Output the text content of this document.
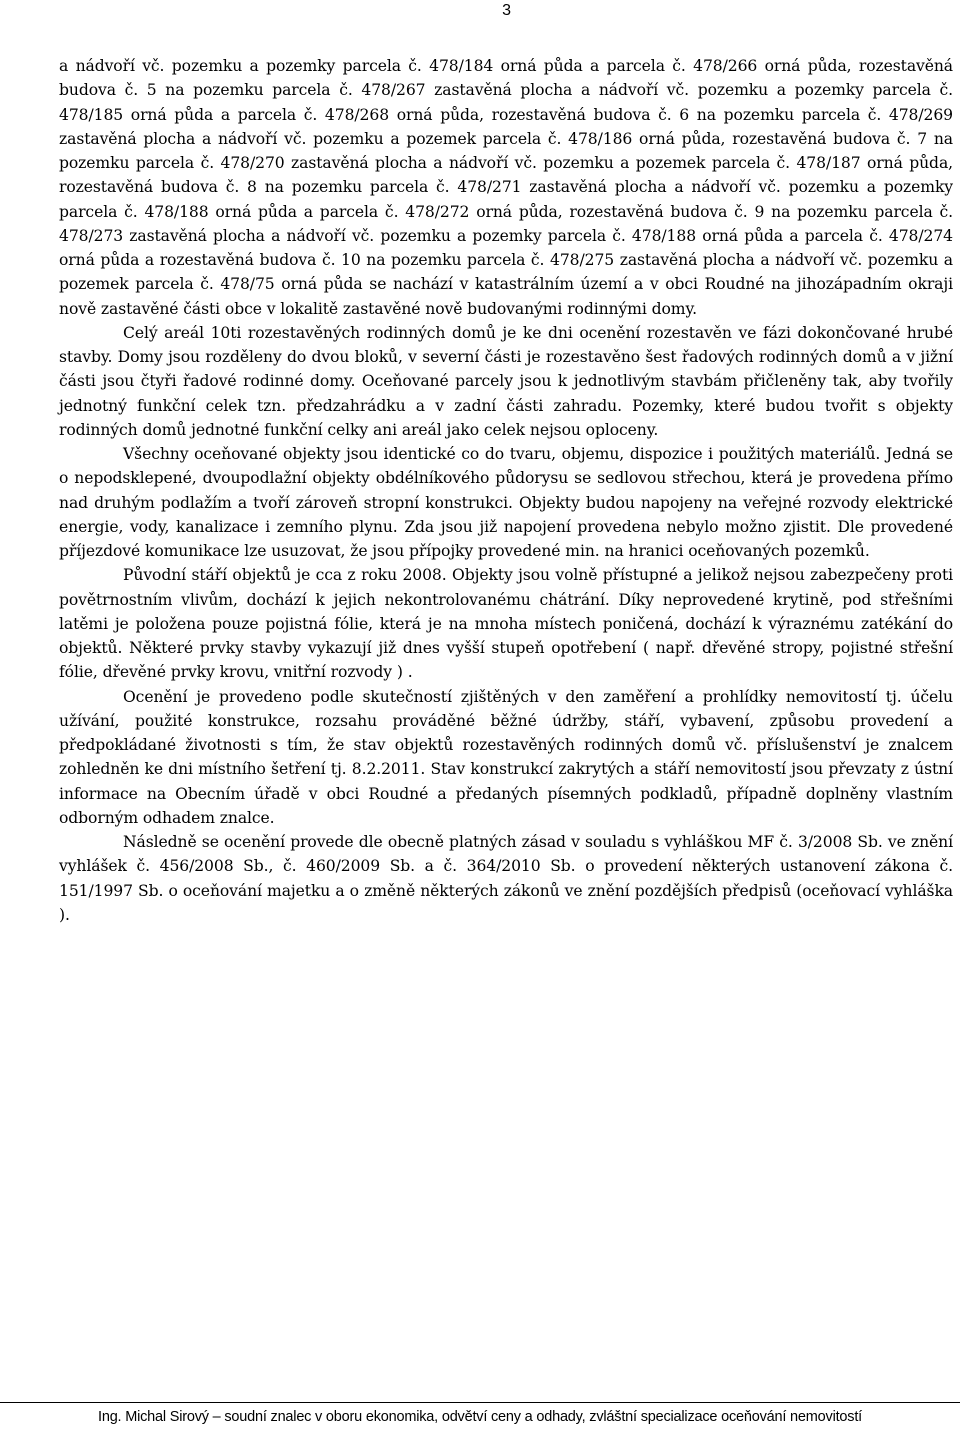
3

a nádvoří vč. pozemku a pozemky parcela č. 478/184 orná půda a parcela č. 478/266 orná půda, rozestavěná budova č. 5 na pozemku parcela č. 478/267 zastavěná plocha a nádvoří vč. pozemku a pozemky parcela č. 478/185 orná půda a parcela č. 478/268 orná půda, rozestavěná budova č. 6 na pozemku parcela č. 478/269 zastavěná plocha a nádvoří vč. pozemku a pozemek parcela č. 478/186 orná půda, rozestavěná budova č. 7 na pozemku parcela č. 478/270 zastavěná plocha a nádvoří vč. pozemku a pozemek parcela č. 478/187 orná půda, rozestavěná budova č. 8 na pozemku parcela č. 478/271 zastavěná plocha a nádvoří vč. pozemku a pozemky parcela č. 478/188 orná půda a parcela č. 478/272 orná půda, rozestavěná budova č. 9 na pozemku parcela č. 478/273 zastavěná plocha a nádvoří vč. pozemku a pozemky parcela č. 478/188 orná půda a parcela č. 478/274 orná půda a rozestavěná budova č. 10 na pozemku parcela č. 478/275 zastavěná plocha a nádvoří vč. pozemku a pozemek parcela č. 478/75 orná půda se nachází v katastrálním území a v obci Roudné na jihozápadním okraji nově zastavěné části obce v lokalitě zastavěné nově budovanými rodinnými domy.

Celý areál 10ti rozestavěných rodinných domů je ke dni ocenění rozestavěn ve fázi dokončované hrubé stavby. Domy jsou rozděleny do dvou bloků, v severní části je rozestavěno šest řadových rodinných domů a v jižní části jsou čtyři řadové rodinné domy. Oceňované parcely jsou k jednotlivým stavbám přičleněny tak, aby tvořily jednotný funkční celek tzn. předzahrádku a v zadní části zahradu. Pozemky, které budou tvořit s objekty rodinných domů jednotné funkční celky ani areál jako celek nejsou oploceny.

Všechny oceňované objekty jsou identické co do tvaru, objemu, dispozice i použitých materiálů. Jedná se o nepodsklepené, dvoupodlažní objekty obdélníkového půdorysu se sedlovou střechou, která je provedena přímo nad druhým podlažím a tvoří zároveň stropní konstrukci. Objekty budou napojeny na veřejné rozvody elektrické energie, vody, kanalizace i zemního plynu. Zda jsou již napojení provedena nebylo možno zjistit. Dle provedené příjezdové komunikace lze usuzovat, že jsou přípojky provedené min. na hranici oceňovaných pozemků.

Původní stáří objektů je cca z roku 2008. Objekty jsou volně přístupné a jelikož nejsou zabezpečeny proti povětrnostním vlivům, dochází k jejich nekontrolovanému chátrání. Díky neprovedené krytině, pod střešními latěmi je položena pouze pojistná fólie, která je na mnoha místech poničená, dochází k výraznému zatékání do objektů. Některé prvky stavby vykazují již dnes vyšší stupeň opotřebení ( např. dřevěné stropy, pojistné střešní fólie, dřevěné prvky krovu, vnitřní rozvody ) .

Ocenění je provedeno podle skutečností zjištěných v den zaměření a prohlídky nemovitostí tj. účelu užívání, použité konstrukce, rozsahu prováděné běžné údržby, stáří, vybavení, způsobu provedení a předpokládané životnosti s tím, že stav objektů rozestavěných rodinných domů vč. příslušenství je znalcem zohledněn ke dni místního šetření tj. 8.2.2011. Stav konstrukcí zakrytých a stáří nemovitostí jsou převzaty z ústní informace na Obecním úřadě v obci Roudné a předaných písemných podkladů, případně doplněny vlastním odborným odhadem znalce.

Následně se ocenění provede dle obecně platných zásad v souladu s vyhláškou MF č. 3/2008 Sb. ve znění vyhlášek č. 456/2008 Sb., č. 460/2009 Sb. a č. 364/2010 Sb. o provedení některých ustanovení zákona č. 151/1997 Sb. o oceňování majetku a o změně některých zákonů ve znění pozdějších předpisů (oceňovací vyhláška ).

Ing. Michal Sirový – soudní znalec v oboru ekonomika, odvětví ceny a odhady, zvláštní specializace oceňování nemovitostí
